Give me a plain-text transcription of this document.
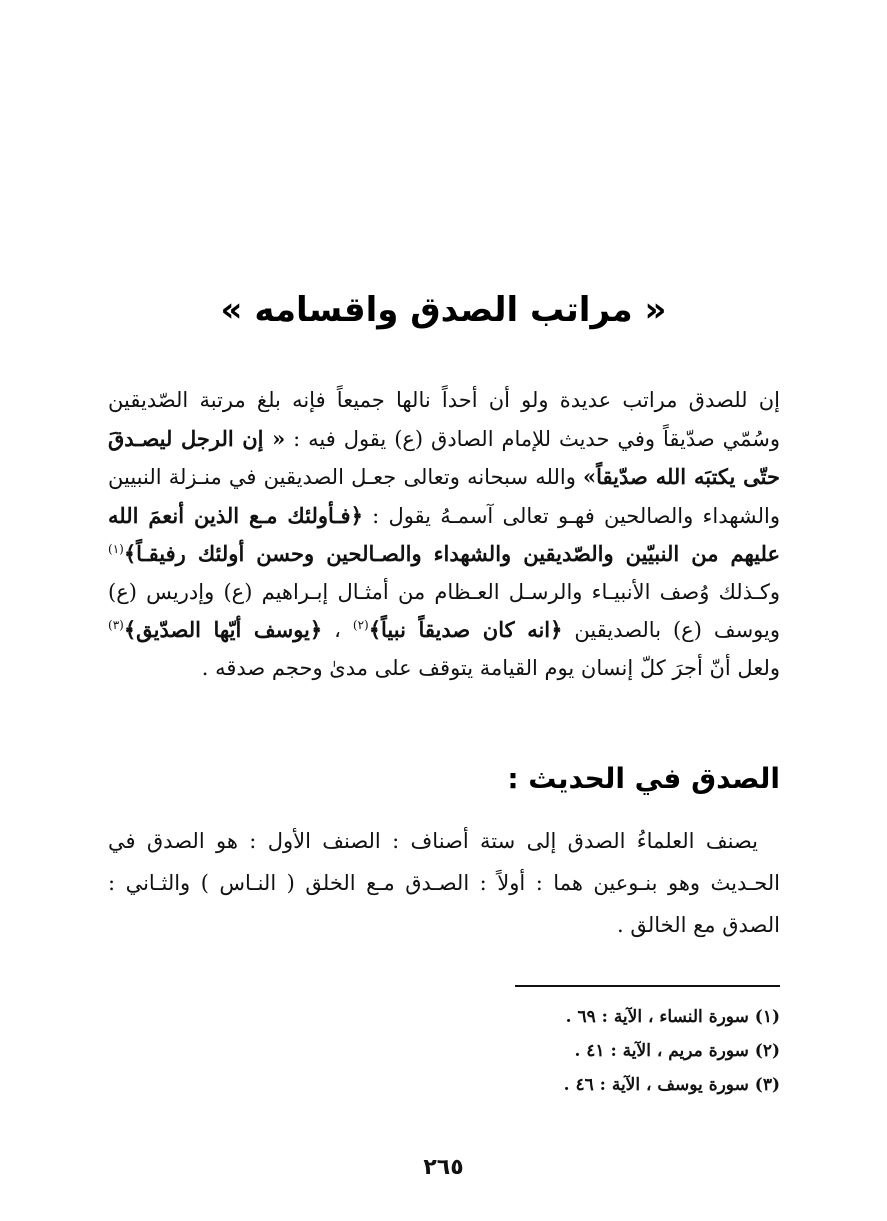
« مراتب الصدق واقسامه »

إن للصدق مراتب عديدة ولو أن أحداً نالها جميعاً فإنه بلغ مرتبة الصّديقين
وسُمّي صدّيقاً وفي حديث للإمام الصادق (ع) يقول فيه : « إن الرجل ليصـدقَ
حتّى يكتبَه الله صدّيقاً» والله سبحانه وتعالى جعـل الصديقين في منـزلة النبيين
والشهداء والصالحين فهـو تعالى آسمـهُ يقول : ﴿فـأولئك مـع الذين أنعمَ الله
عليهم من النبيّين والصّديقين والشهداء والصـالحين وحسن أولئك رفيقـاً﴾$^{(١)}$
وكـذلك وُصف الأنبيـاء والرسـل العـظام من أمثـال إبـراهيم (ع) وإدريس (ع)
ويوسف (ع) بالصديقين ﴿انه كان صديقاً نبياً﴾$^{(٢)}$ ، ﴿يوسف أيّها الصدّيق﴾$^{(٣)}$
ولعل أنّ أجرَ كلّ إنسان يوم القيامة يتوقف على مدىٰ وحجم صدقه .

الصدق في الحديث :
يصنف العلماءُ الصدق إلى ستة أصناف : الصنف الأول : هو الصدق في
الحـديث وهو بنـوعين هما : أولاً : الصـدق مـع الخلق ( النـاس ) والثـاني :
الصدق مع الخالق .
(١) سورة النساء ، الآية : ٦٩ .
(٢) سورة مريم ، الآية : ٤١ .
(٣) سورة يوسف ، الآية : ٤٦ .
٢٦٥
